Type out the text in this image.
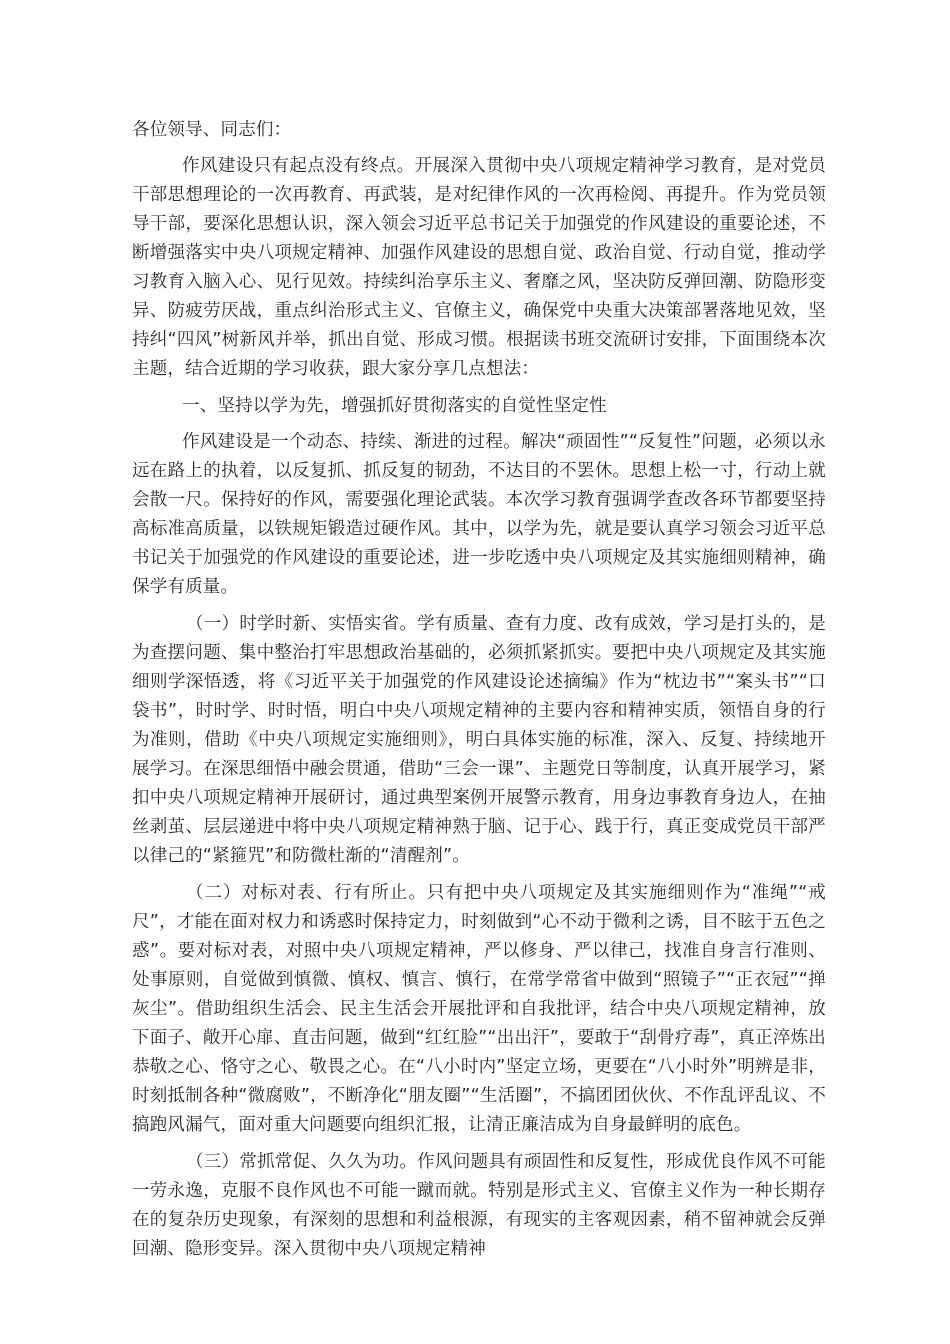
各位领导、同志们：

作风建设只有起点没有终点。开展深入贯彻中央八项规定精神学习教育，是对党员干部思想理论的一次再教育、再武装，是对纪律作风的一次再检阅、再提升。作为党员领导干部，要深化思想认识，深入领会习近平总书记关于加强党的作风建设的重要论述，不断增强落实中央八项规定精神、加强作风建设的思想自觉、政治自觉、行动自觉，推动学习教育入脑入心、见行见效。持续纠治享乐主义、奢靡之风，坚决防反弹回潮、防隐形变异、防疲劳厌战，重点纠治形式主义、官僚主义，确保党中央重大决策部署落地见效，坚持纠“四风”树新风并举，抓出自觉、形成习惯。根据读书班交流研讨安排，下面围绕本次主题，结合近期的学习收获，跟大家分享几点想法：

一、坚持以学为先，增强抓好贯彻落实的自觉性坚定性

作风建设是一个动态、持续、渐进的过程。解决“顽固性”“反复性”问题，必须以永远在路上的执着，以反复抓、抓反复的韧劲，不达目的不罢休。思想上松一寸，行动上就会散一尺。保持好的作风，需要强化理论武装。本次学习教育强调学查改各环节都要坚持高标准高质量，以铁规矩锻造过硬作风。其中，以学为先，就是要认真学习领会习近平总书记关于加强党的作风建设的重要论述，进一步吃透中央八项规定及其实施细则精神，确保学有质量。

（一）时学时新、实悟实省。学有质量、查有力度、改有成效，学习是打头的，是为查摆问题、集中整治打牢思想政治基础的，必须抓紧抓实。要把中央八项规定及其实施细则学深悟透，将《习近平关于加强党的作风建设论述摘编》作为“枕边书”“案头书”“口袋书”，时时学、时时悟，明白中央八项规定精神的主要内容和精神实质，领悟自身的行为准则，借助《中央八项规定实施细则》，明白具体实施的标准，深入、反复、持续地开展学习。在深思细悟中融会贯通，借助“三会一课”、主题党日等制度，认真开展学习，紧扣中央八项规定精神开展研讨，通过典型案例开展警示教育，用身边事教育身边人，在抽丝剥茧、层层递进中将中央八项规定精神熟于脑、记于心、践于行，真正变成党员干部严以律己的“紧箍咒”和防微杜渐的“清醒剂”。

（二）对标对表、行有所止。只有把中央八项规定及其实施细则作为“准绳”“戒尺”，才能在面对权力和诱惑时保持定力，时刻做到“心不动于微利之诱，目不眩于五色之惑”。要对标对表，对照中央八项规定精神，严以修身、严以律己，找准自身言行准则、处事原则，自觉做到慎微、慎权、慎言、慎行，在常学常省中做到“照镜子”“正衣冠”“掸灰尘”。借助组织生活会、民主生活会开展批评和自我批评，结合中央八项规定精神，放下面子、敞开心扉、直击问题，做到“红红脸”“出出汗”，要敢于“刮骨疗毒”，真正淬炼出恭敬之心、恪守之心、敬畏之心。在“八小时内”坚定立场，更要在“八小时外”明辨是非，时刻抵制各种“微腐败”，不断净化“朋友圈”“生活圈”，不搞团团伙伙、不作乱评乱议、不搞跑风漏气，面对重大问题要向组织汇报，让清正廉洁成为自身最鲜明的底色。

（三）常抓常促、久久为功。作风问题具有顽固性和反复性，形成优良作风不可能一劳永逸，克服不良作风也不可能一蹴而就。特别是形式主义、官僚主义作为一种长期存在的复杂历史现象，有深刻的思想和利益根源，有现实的主客观因素，稍不留神就会反弹回潮、隐形变异。深入贯彻中央八项规定精神
